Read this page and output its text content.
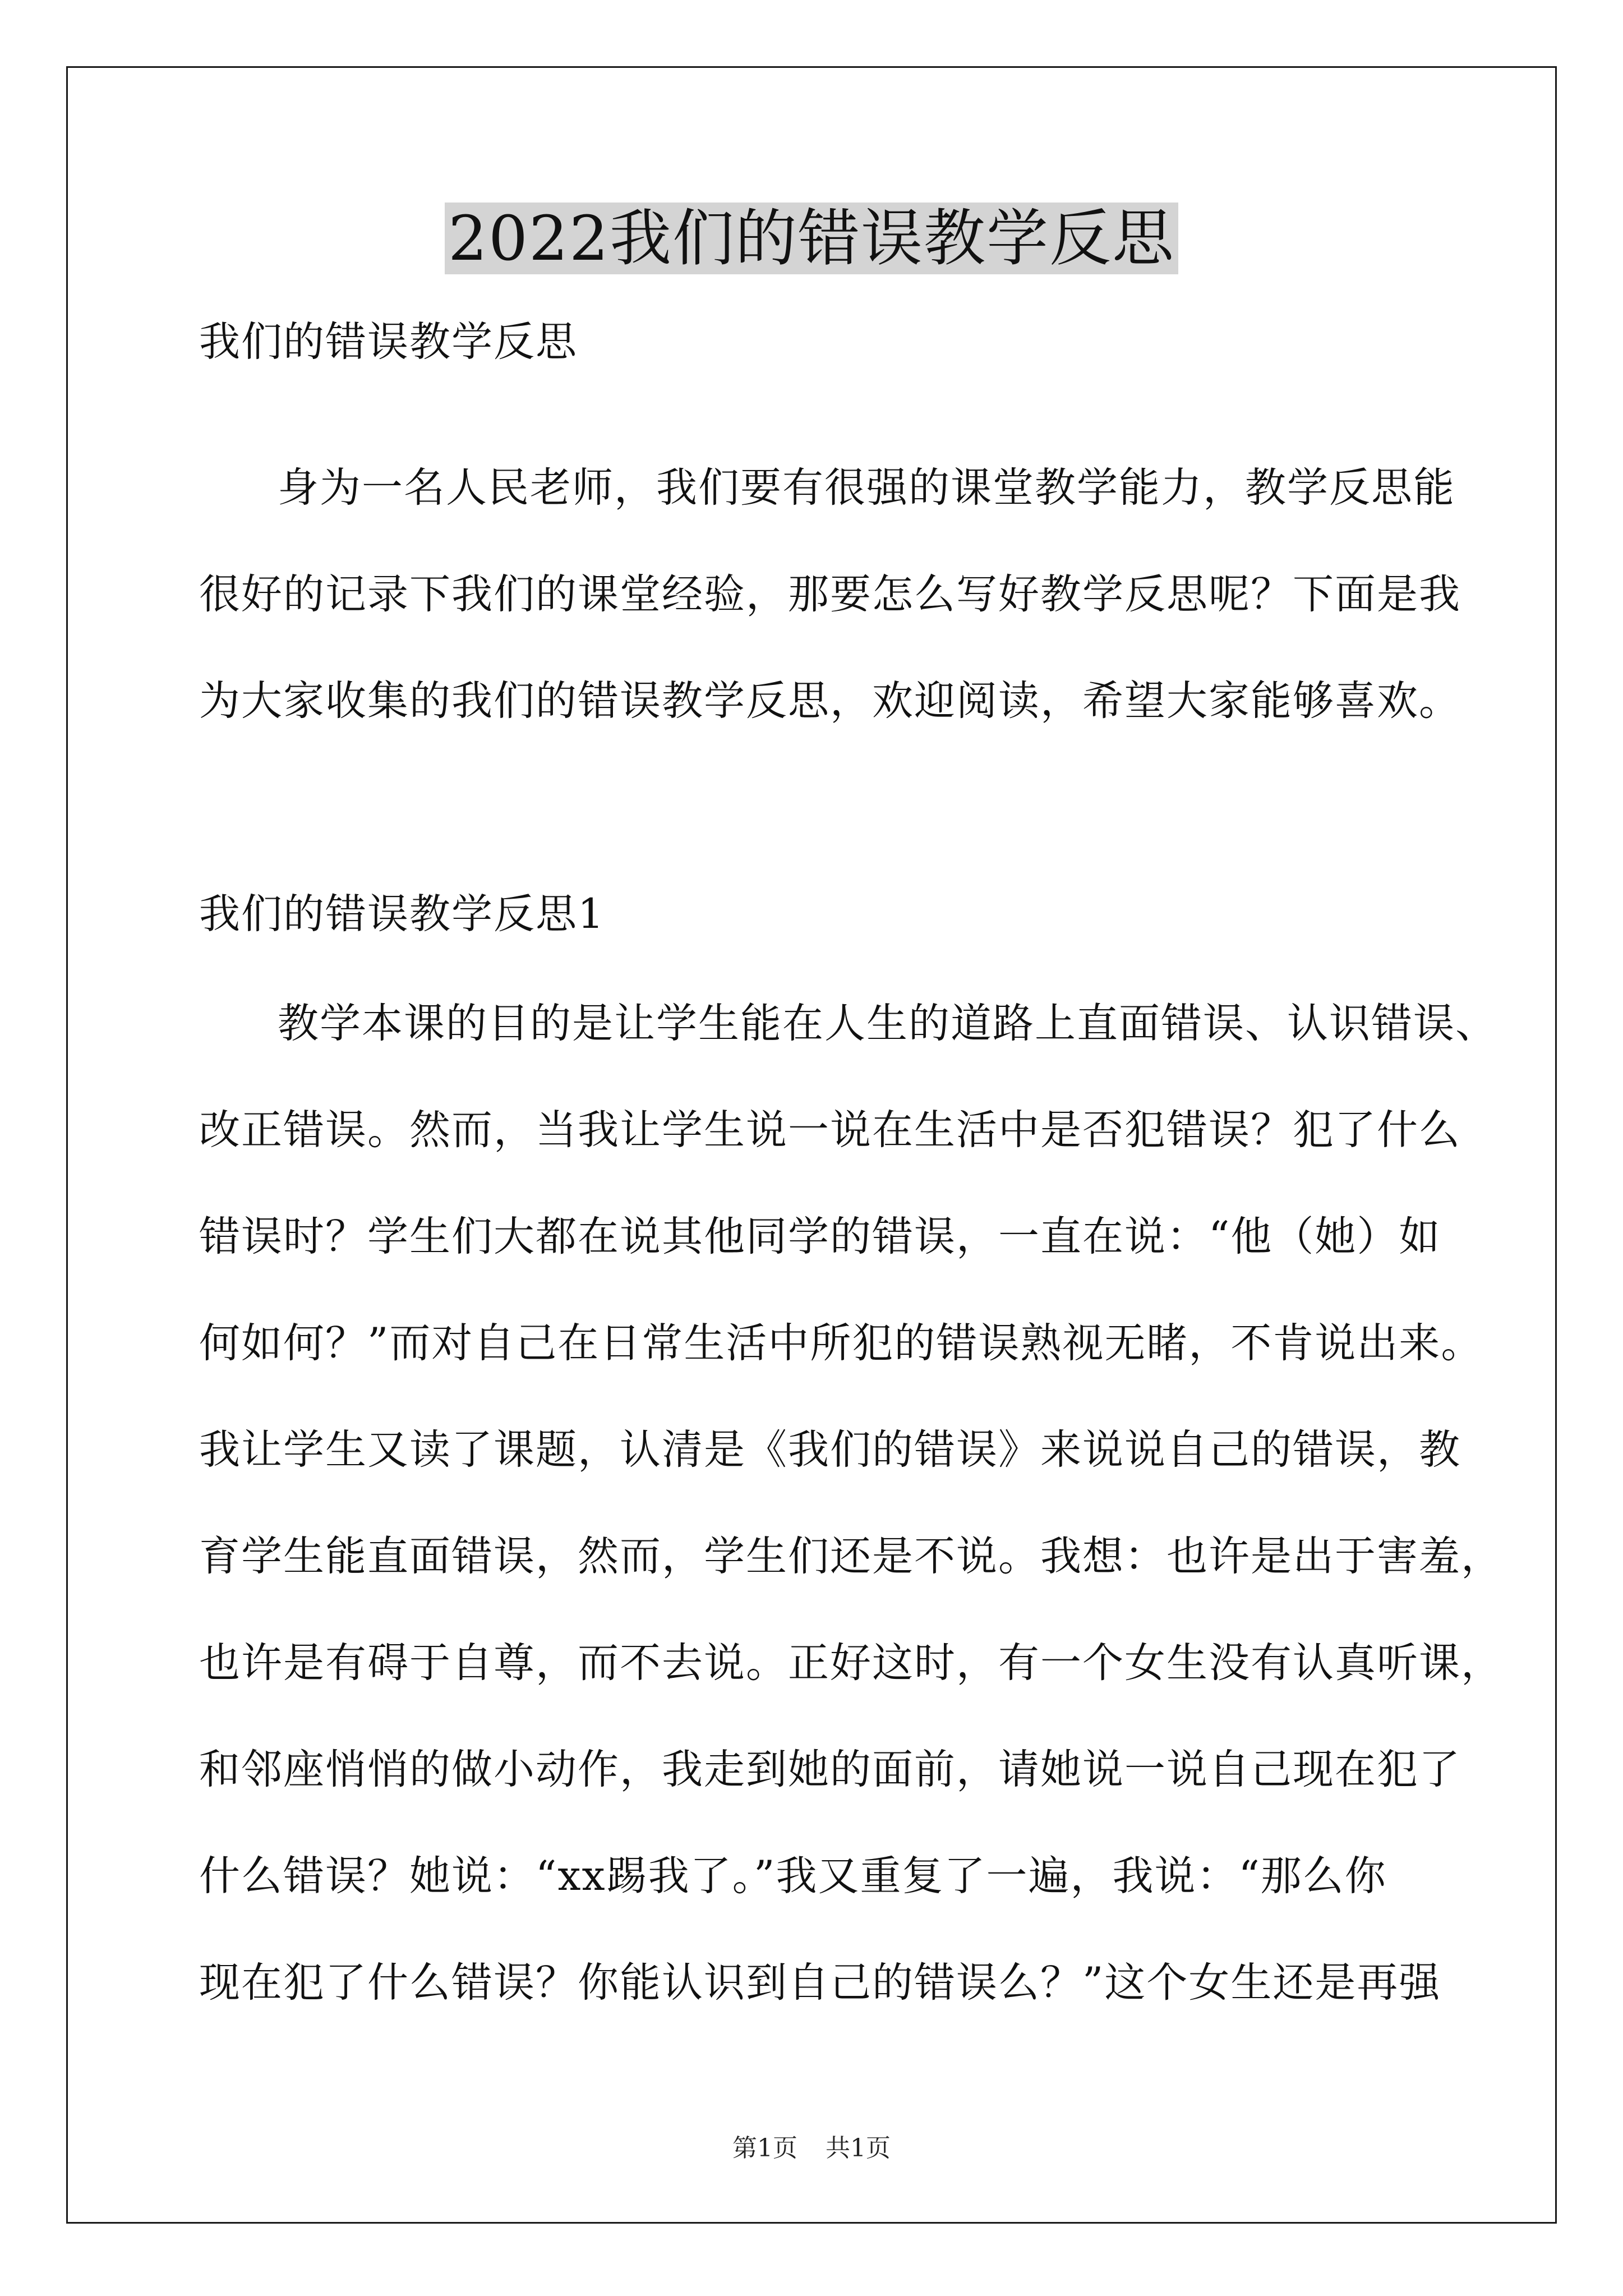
2022我们的错误教学反思
我们的错误教学反思
身为一名人民老师，我们要有很强的课堂教学能力，教学反思能
很好的记录下我们的课堂经验，那要怎么写好教学反思呢？下面是我
为大家收集的我们的错误教学反思，欢迎阅读，希望大家能够喜欢。
我们的错误教学反思1
教学本课的目的是让学生能在人生的道路上直面错误、认识错误、
改正错误。然而，当我让学生说一说在生活中是否犯错误？犯了什么
错误时？学生们大都在说其他同学的错误，一直在说：“他（她）如
何如何？”而对自己在日常生活中所犯的错误熟视无睹，不肯说出来。
我让学生又读了课题，认清是《我们的错误》来说说自己的错误，教
育学生能直面错误，然而，学生们还是不说。我想：也许是出于害羞，
也许是有碍于自尊，而不去说。正好这时，有一个女生没有认真听课，
和邻座悄悄的做小动作，我走到她的面前，请她说一说自己现在犯了
什么错误？她说：“xx踢我了。”我又重复了一遍，我说：“那么你
现在犯了什么错误？你能认识到自己的错误么？”这个女生还是再强
第1页 共1页
